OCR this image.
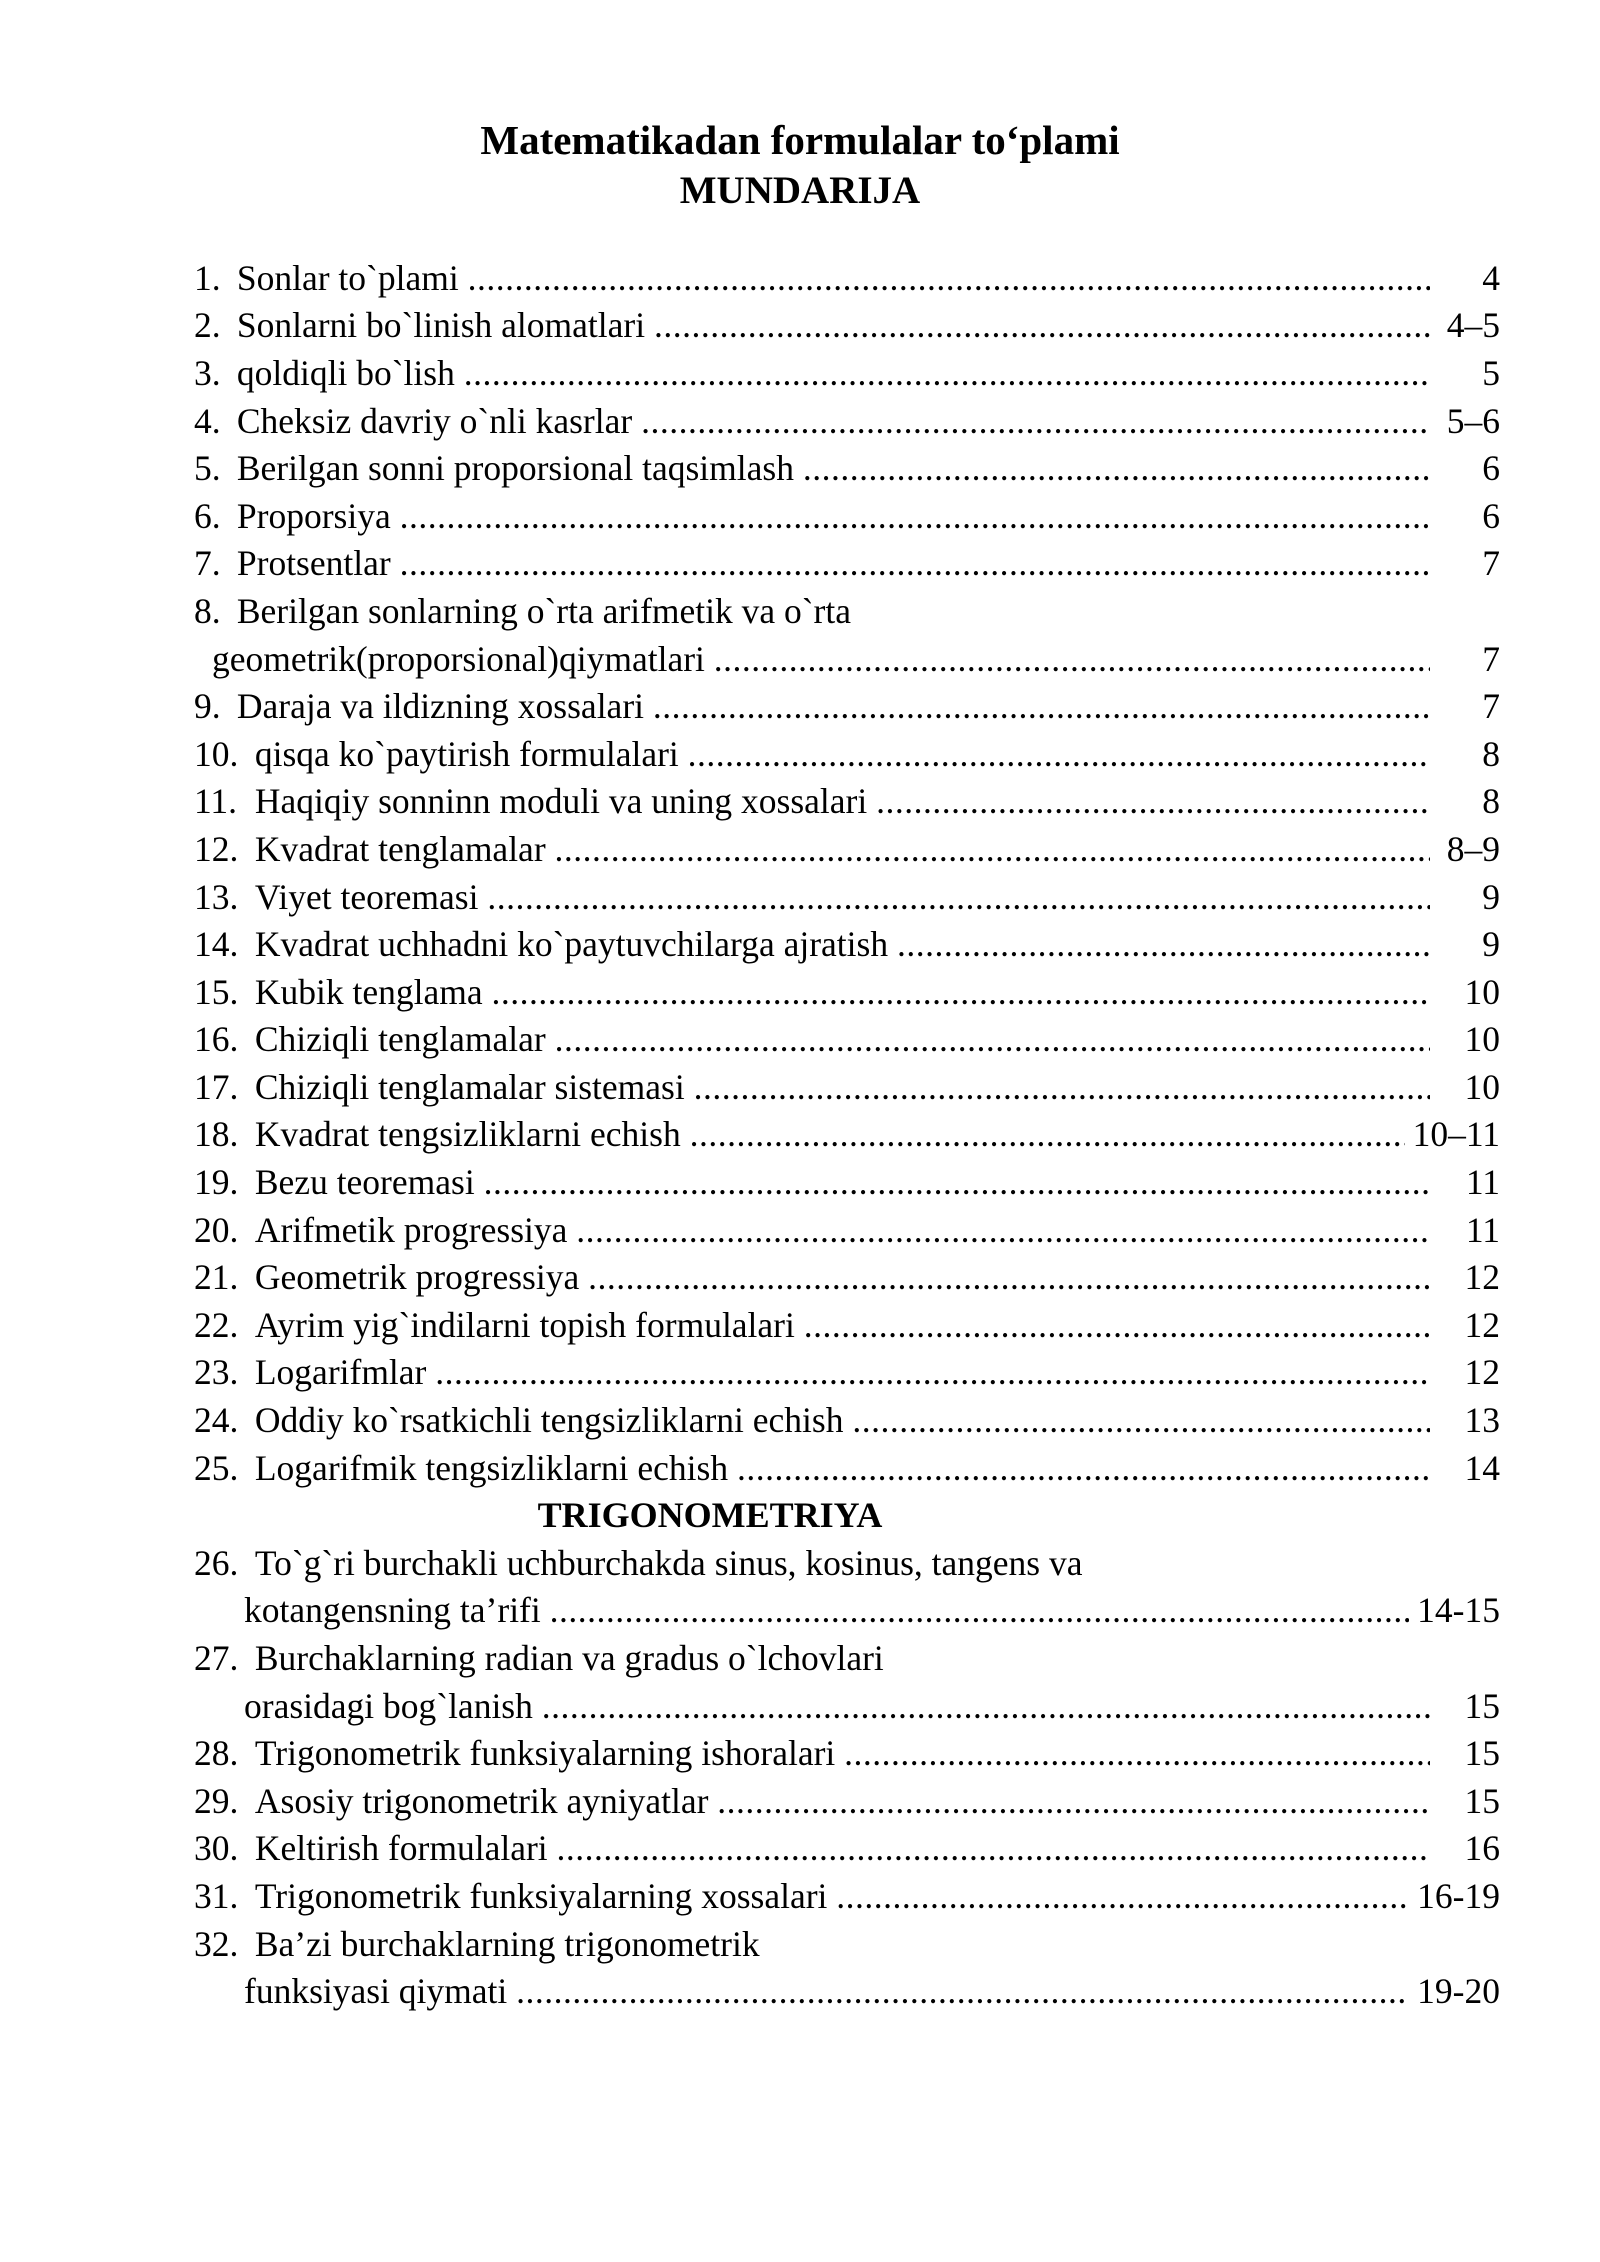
Matematikadan formulalar to‘plami
MUNDARIJA
1.
Sonlar to`plami .....	4
2.
Sonlarni bo`linish alomatlari .....	4–5
3.
qoldiqli bo`lish .....	5
4.
Cheksiz davriy o`nli kasrlar .....	5–6
5.
Berilgan sonni proporsional taqsimlash .....	6
6.
Proporsiya .....	6
7.
Protsentlar .....	7
8.
Berilgan sonlarning o`rta arifmetik va o`rta
geometrik(proporsional)qiymatlari .....	7
9.
Daraja va ildizning xossalari .....	7
10.
qisqa ko`paytirish formulalari .....	8
11.
Haqiqiy sonninn moduli va uning xossalari .....	8
12.
Kvadrat tenglamalar .....	8–9
13.
Viyet teoremasi .....	9
14.
Kvadrat uchhadni ko`paytuvchilarga ajratish .....	9
15.
Kubik tenglama .....	10
16.
Chiziqli tenglamalar .....	10
17.
Chiziqli tenglamalar sistemasi .....	10
18.
Kvadrat tengsizliklarni echish .....	10–11
19.
Bezu teoremasi .....	11
20.
Arifmetik progressiya .....	11
21.
Geometrik progressiya .....	12
22.
Ayrim yig`indilarni topish formulalari .....	12
23.
Logarifmlar .....	12
24.
Oddiy ko`rsatkichli tengsizliklarni echish .....	13
25.
Logarifmik tengsizliklarni echish .....	14
TRIGONOMETRIYA
26.
To`g`ri burchakli uchburchakda sinus, kosinus, tangens va
kotangensning ta’rifi .....	14-15
27.
Burchaklarning radian va gradus o`lchovlari
orasidagi bog`lanish .....	15
28.
Trigonometrik funksiyalarning ishoralari .....	15
29.
Asosiy trigonometrik ayniyatlar .....	15
30.
Keltirish formulalari .....	16
31.
Trigonometrik funksiyalarning xossalari .....	16-19
32.
Ba’zi burchaklarning trigonometrik
funksiyasi qiymati .....	19-20
